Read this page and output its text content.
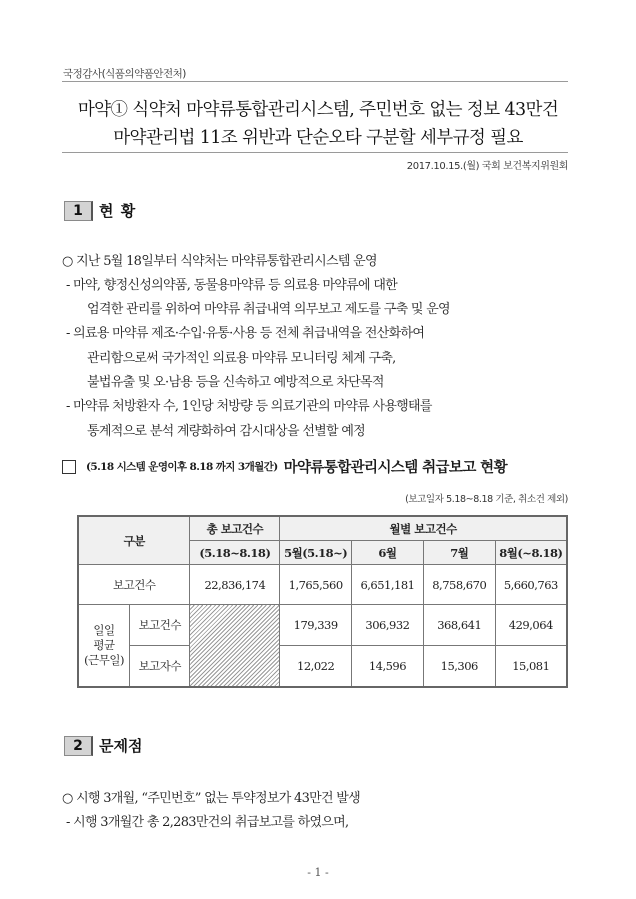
국정감사(식품의약품안전처)
마약① 식약처 마약류통합관리시스템, 주민번호 없는 정보 43만건
마약관리법 11조 위반과 단순오타 구분할 세부규정 필요
2017.10.15.(월) 국회 보건복지위원회
1	현 황
○ 지난 5월 18일부터 식약처는 마약류통합관리시스템 운영
- 마약, 향정신성의약품, 동물용마약류 등 의료용 마약류에 대한
엄격한 관리를 위하여 마약류 취급내역 의무보고 제도를 구축 및 운영
- 의료용 마약류 제조·수입·유통·사용 등 전체 취급내역을 전산화하여
관리함으로써 국가적인 의료용 마약류 모니터링 체계 구축,
불법유출 및 오·남용 등을 신속하고 예방적으로 차단목적
- 마약류 처방환자 수, 1인당 처방량 등 의료기관의 마약류 사용행태를
통계적으로 분석 계량화하여 감시대상을 선별할 예정
(5.18 시스템 운영이후 8.18 까지 3개월간) 마약류통합관리시스템 취급보고 현황
(보고일자 5.18~8.18 기준, 취소건 제외)
구분		총 보고건수	월별 보고건수			
		(5.18~8.18)	5월(5.18~)	6월	7월	8월(~8.18)
보고건수		22,836,174	1,765,560	6,651,181	8,758,670	5,660,763

일일
평균
(근무일)	보고건수		179,339	306,932	368,641	429,064
	보고자수		12,022	14,596	15,306	15,081
2	문제점
○ 시행 3개월, “주민번호” 없는 투약정보가 43만건 발생
- 시행 3개월간 총 2,283만건의 취급보고를 하였으며,
- 1 -
